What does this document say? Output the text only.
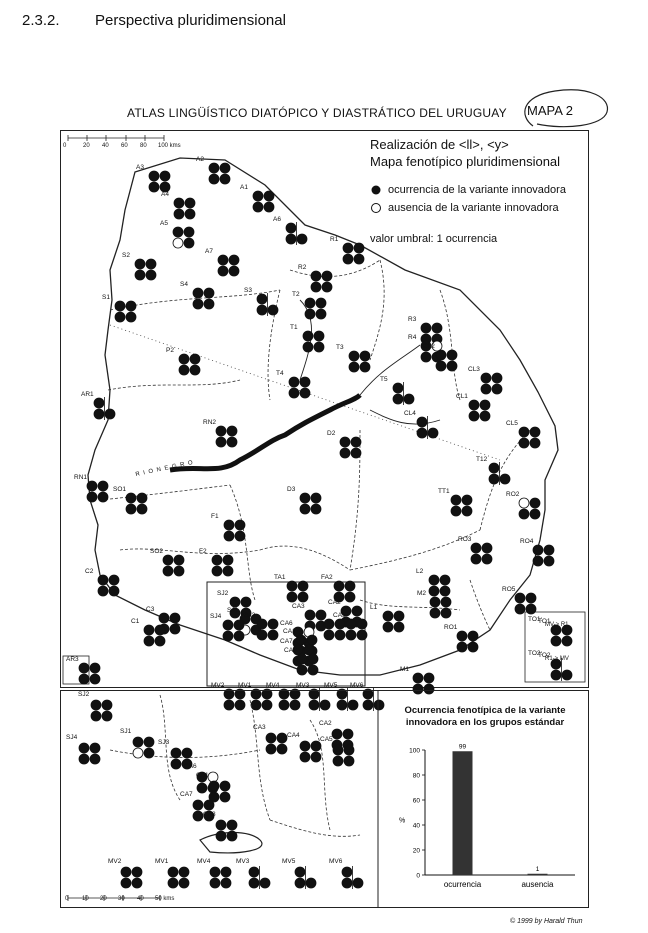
2.3.2. Perspectiva pluridimensional
ATLAS LINGÜÍSTICO DIATÓPICO Y DIASTRÁTICO DEL URUGUAY MAPA 2
0	20 40 60 80 100 kms	Realización de <ll>, <y>
Mapa fenotípico pluridimensional
ocurrencia de la variante innovadora
ausencia de la variante innovadora
valor umbral: 1 ocurrencia
R I O N E G R O
A2
A3
A4
A5
A1
A6
A7
R1
R2
S2
S1
S4
S3
T2
T1
R3
R4
T3	CL2
P2
T4
T5
CL3
AR1	CL1
RN2
CL4
D2
CL5
T12
RN1
SO1	D3	TT1	RO2
F1
RO3
SO2	F2
RO4
TA1	FA2
L2
C2
C3
M2
RO5
C1
SJ2
SJ1
SJ4	SJ3
CA3
CA2
CA4 CA5
CA6
CA1
CA7
CA8
L1
RO1
M1
AR3
TO1
TO2
MV2 MV1 MV4	MV3 MV5 MV6
TO1:
MV-> R1
TO2:
R1-> MV
0 10 20 30 40 50 kms
SJ2
SJ4
SJ1
SJ3
CA3
CA2
CA4
CA5
CA6
CA1
CA7
CA8
MV2	MV1	MV4	MV3	MV5	MV6
Ocurrencia fenotípica de la variante innovadora en los grupos estándar
0
20
40
60
80
100
%
99
ocurrencia
1
ausencia
© 1999 by Harald Thun
